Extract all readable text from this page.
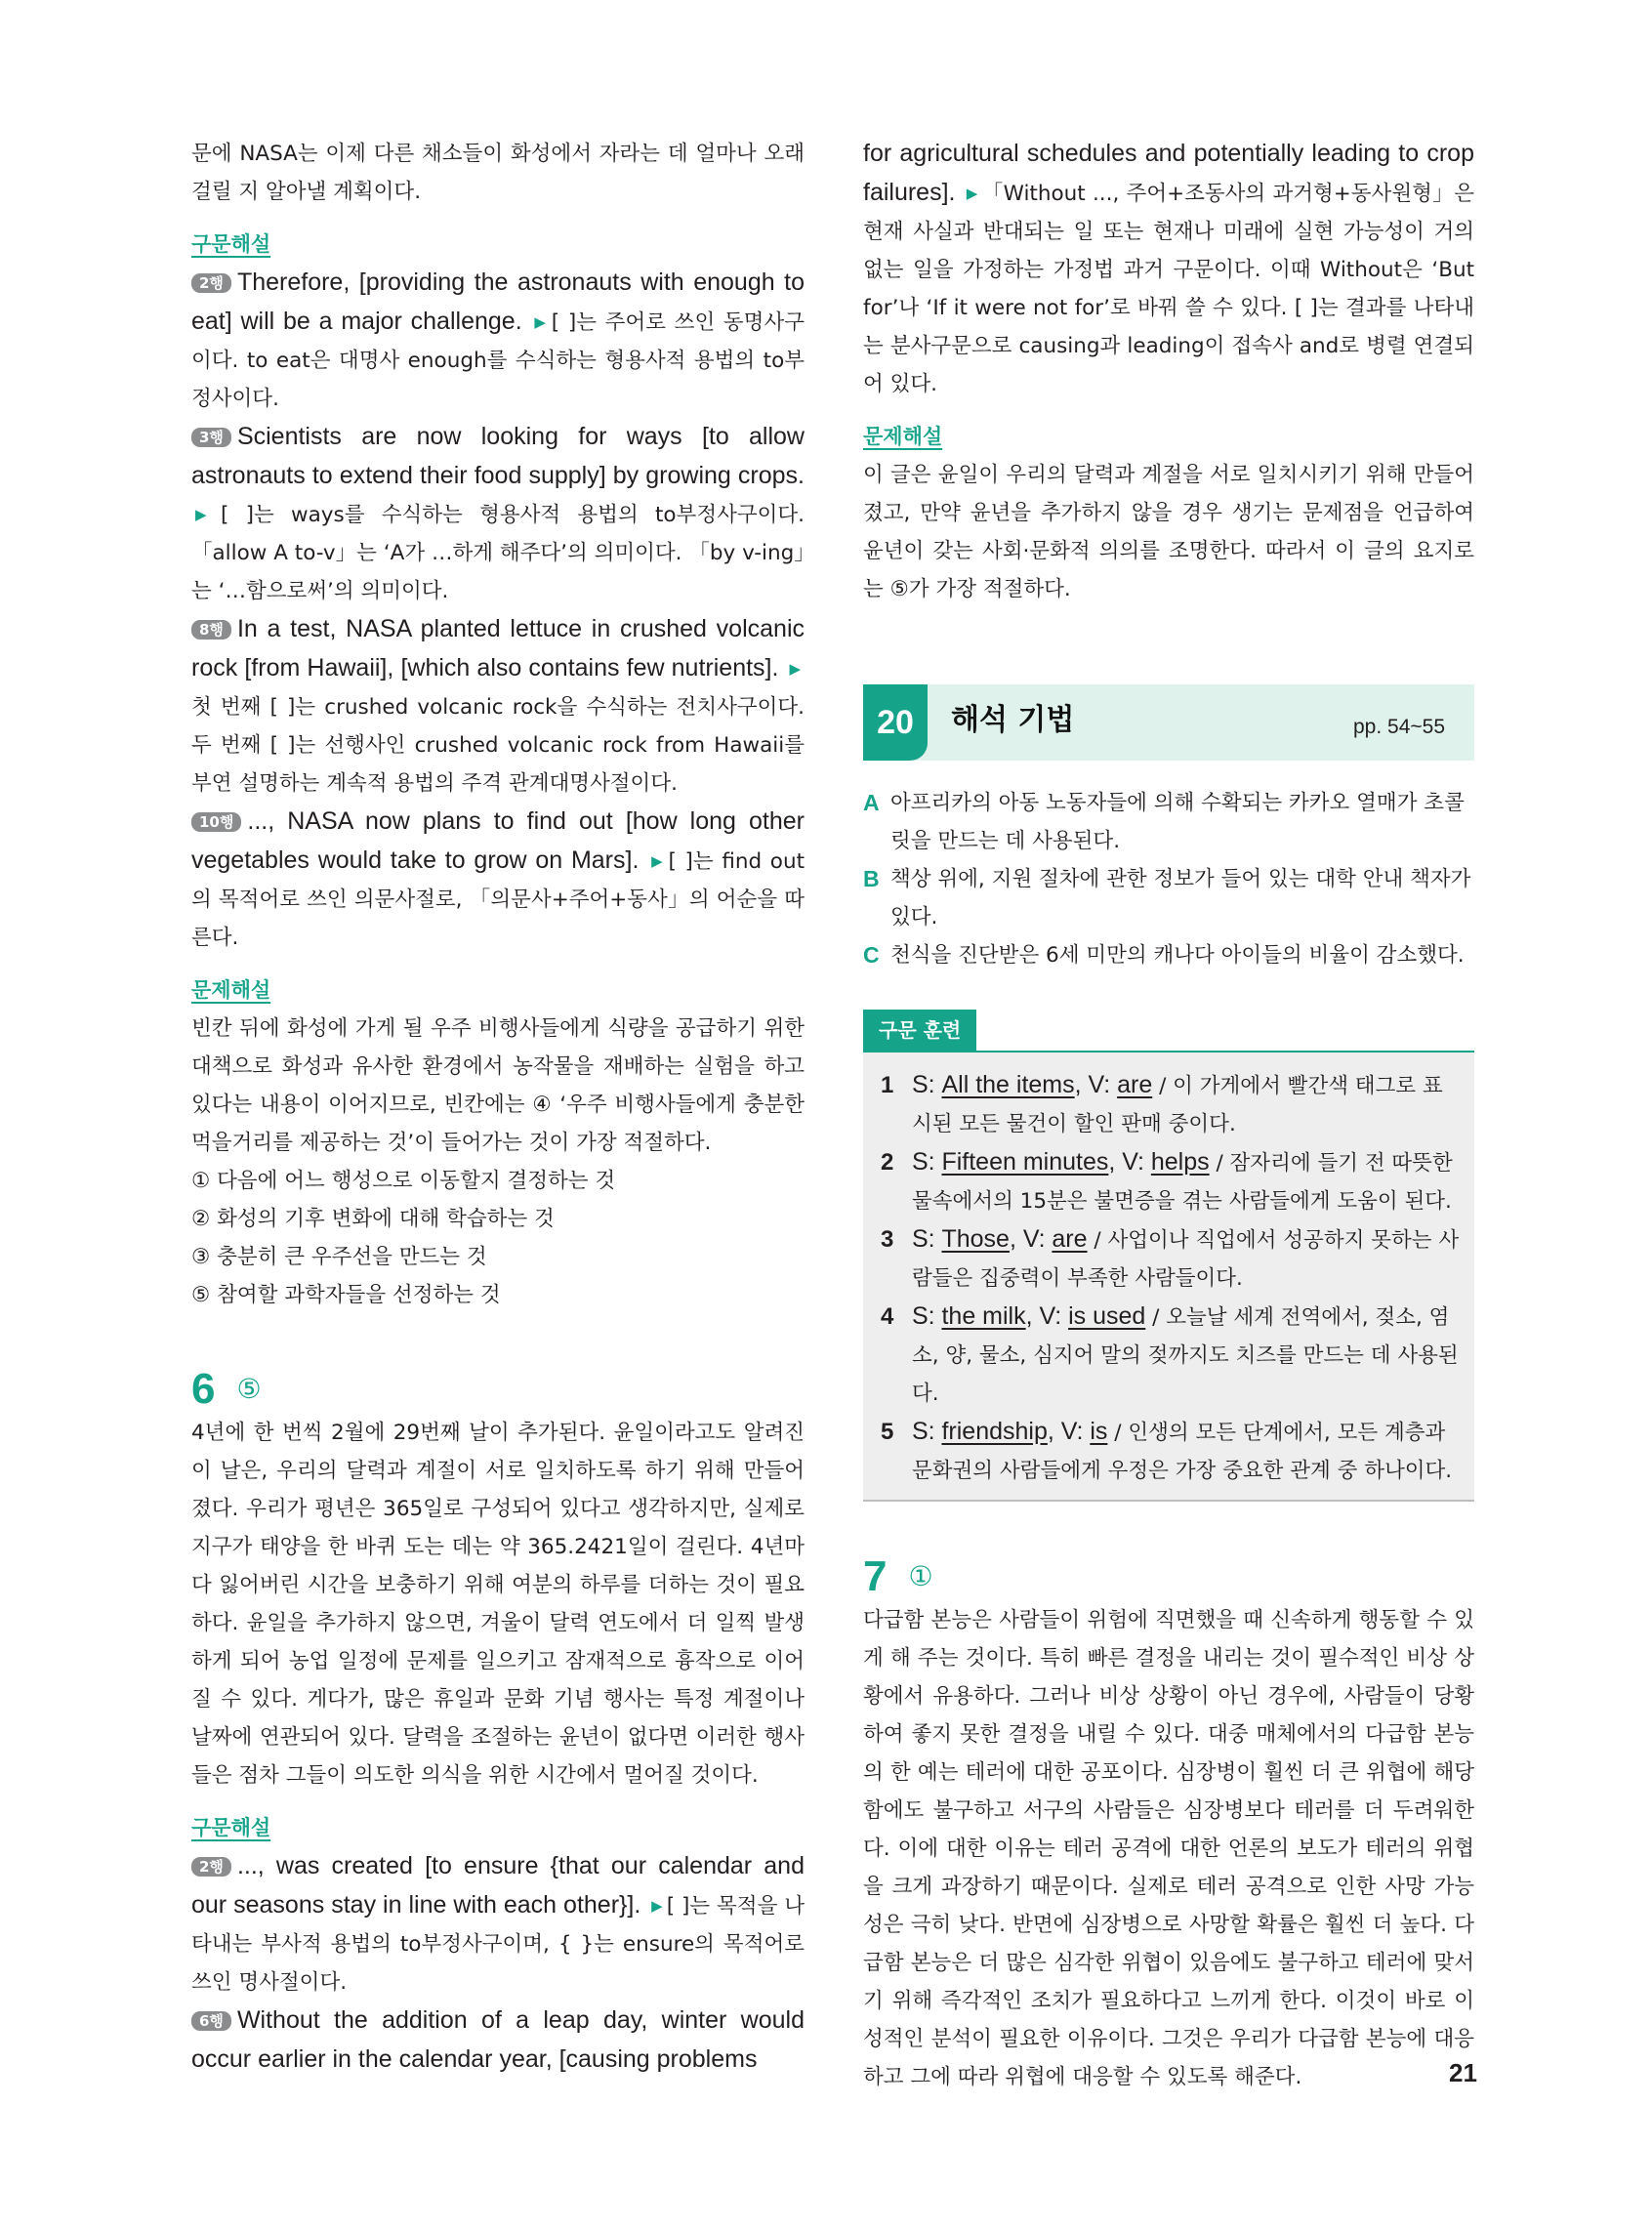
문에 NASA는 이제 다른 채소들이 화성에서 자라는 데 얼마나 오래 걸릴 지 알아낼 계획이다.

구문해설

2행 Therefore, [providing the astronauts with enough to eat] will be a major challenge. ▶ [ ]는 주어로 쓰인 동명사구이다. to eat은 대명사 enough를 수식하는 형용사적 용법의 to부정사이다.

3행 Scientists are now looking for ways [to allow astronauts to extend their food supply] by growing crops. ▶ [ ]는 ways를 수식하는 형용사적 용법의 to부정사구이다. 「allow A to-v」는 ‘A가 …하게 해주다’의 의미이다. 「by v-ing」는 ‘…함으로써’의 의미이다.

8행 In a test, NASA planted lettuce in crushed volcanic rock [from Hawaii], [which also contains few nutrients]. ▶첫 번째 [ ]는 crushed volcanic rock을 수식하는 전치사구이다. 두 번째 [ ]는 선행사인 crushed volcanic rock from Hawaii를 부연 설명하는 계속적 용법의 주격 관계대명사절이다.

10행 ..., NASA now plans to find out [how long other vegetables would take to grow on Mars]. ▶ [ ]는 find out의 목적어로 쓰인 의문사절로, 「의문사+주어+동사」의 어순을 따른다.

문제해설

빈칸 뒤에 화성에 가게 될 우주 비행사들에게 식량을 공급하기 위한 대책으로 화성과 유사한 환경에서 농작물을 재배하는 실험을 하고 있다는 내용이 이어지므로, 빈칸에는 ④ ‘우주 비행사들에게 충분한 먹을거리를 제공하는 것’이 들어가는 것이 가장 적절하다.

① 다음에 어느 행성으로 이동할지 결정하는 것

② 화성의 기후 변화에 대해 학습하는 것

③ 충분히 큰 우주선을 만드는 것

⑤ 참여할 과학자들을 선정하는 것

6 ⑤

4년에 한 번씩 2월에 29번째 날이 추가된다. 윤일이라고도 알려진 이 날은, 우리의 달력과 계절이 서로 일치하도록 하기 위해 만들어졌다. 우리가 평년은 365일로 구성되어 있다고 생각하지만, 실제로 지구가 태양을 한 바퀴 도는 데는 약 365.2421일이 걸린다. 4년마다 잃어버린 시간을 보충하기 위해 여분의 하루를 더하는 것이 필요하다. 윤일을 추가하지 않으면, 겨울이 달력 연도에서 더 일찍 발생하게 되어 농업 일정에 문제를 일으키고 잠재적으로 흉작으로 이어질 수 있다. 게다가, 많은 휴일과 문화 기념 행사는 특정 계절이나 날짜에 연관되어 있다. 달력을 조절하는 윤년이 없다면 이러한 행사들은 점차 그들이 의도한 의식을 위한 시간에서 멀어질 것이다.

구문해설

2행 ..., was created [to ensure {that our calendar and our seasons stay in line with each other}]. ▶ [ ]는 목적을 나타내는 부사적 용법의 to부정사구이며, { }는 ensure의 목적어로 쓰인 명사절이다.

6행 Without the addition of a leap day, winter would occur earlier in the calendar year, [causing problems

for agricultural schedules and potentially leading to crop failures]. ▶ 「Without ..., 주어+조동사의 과거형+동사원형」은 현재 사실과 반대되는 일 또는 현재나 미래에 실현 가능성이 거의 없는 일을 가정하는 가정법 과거 구문이다. 이때 Without은 ‘But for’나 ‘If it were not for’로 바꿔 쓸 수 있다. [ ]는 결과를 나타내는 분사구문으로 causing과 leading이 접속사 and로 병렬 연결되어 있다.

문제해설

이 글은 윤일이 우리의 달력과 계절을 서로 일치시키기 위해 만들어졌고, 만약 윤년을 추가하지 않을 경우 생기는 문제점을 언급하여 윤년이 갖는 사회·문화적 의의를 조명한다. 따라서 이 글의 요지로는 ⑤가 가장 적절하다.

20	해석 기법	pp. 54~55
A 아프리카의 아동 노동자들에 의해 수확되는 카카오 열매가 초콜릿을 만드는 데 사용된다.
B 책상 위에, 지원 절차에 관한 정보가 들어 있는 대학 안내 책자가 있다.
C 천식을 진단받은 6세 미만의 캐나다 아이들의 비율이 감소했다.
구문 훈련
1 S: All the items, V: are / 이 가게에서 빨간색 태그로 표시된 모든 물건이 할인 판매 중이다.
2 S: Fifteen minutes, V: helps / 잠자리에 들기 전 따뜻한 물속에서의 15분은 불면증을 겪는 사람들에게 도움이 된다.
3 S: Those, V: are / 사업이나 직업에서 성공하지 못하는 사람들은 집중력이 부족한 사람들이다.
4 S: the milk, V: is used / 오늘날 세계 전역에서, 젖소, 염소, 양, 물소, 심지어 말의 젖까지도 치즈를 만드는 데 사용된다.
5 S: friendship, V: is / 인생의 모든 단계에서, 모든 계층과 문화권의 사람들에게 우정은 가장 중요한 관계 중 하나이다.
7 ①

다급함 본능은 사람들이 위험에 직면했을 때 신속하게 행동할 수 있게 해 주는 것이다. 특히 빠른 결정을 내리는 것이 필수적인 비상 상황에서 유용하다. 그러나 비상 상황이 아닌 경우에, 사람들이 당황하여 좋지 못한 결정을 내릴 수 있다. 대중 매체에서의 다급함 본능의 한 예는 테러에 대한 공포이다. 심장병이 훨씬 더 큰 위협에 해당함에도 불구하고 서구의 사람들은 심장병보다 테러를 더 두려워한다. 이에 대한 이유는 테러 공격에 대한 언론의 보도가 테러의 위협을 크게 과장하기 때문이다. 실제로 테러 공격으로 인한 사망 가능성은 극히 낮다. 반면에 심장병으로 사망할 확률은 훨씬 더 높다. 다급함 본능은 더 많은 심각한 위협이 있음에도 불구하고 테러에 맞서기 위해 즉각적인 조치가 필요하다고 느끼게 한다. 이것이 바로 이성적인 분석이 필요한 이유이다. 그것은 우리가 다급함 본능에 대응하고 그에 따라 위협에 대응할 수 있도록 해준다.	21
